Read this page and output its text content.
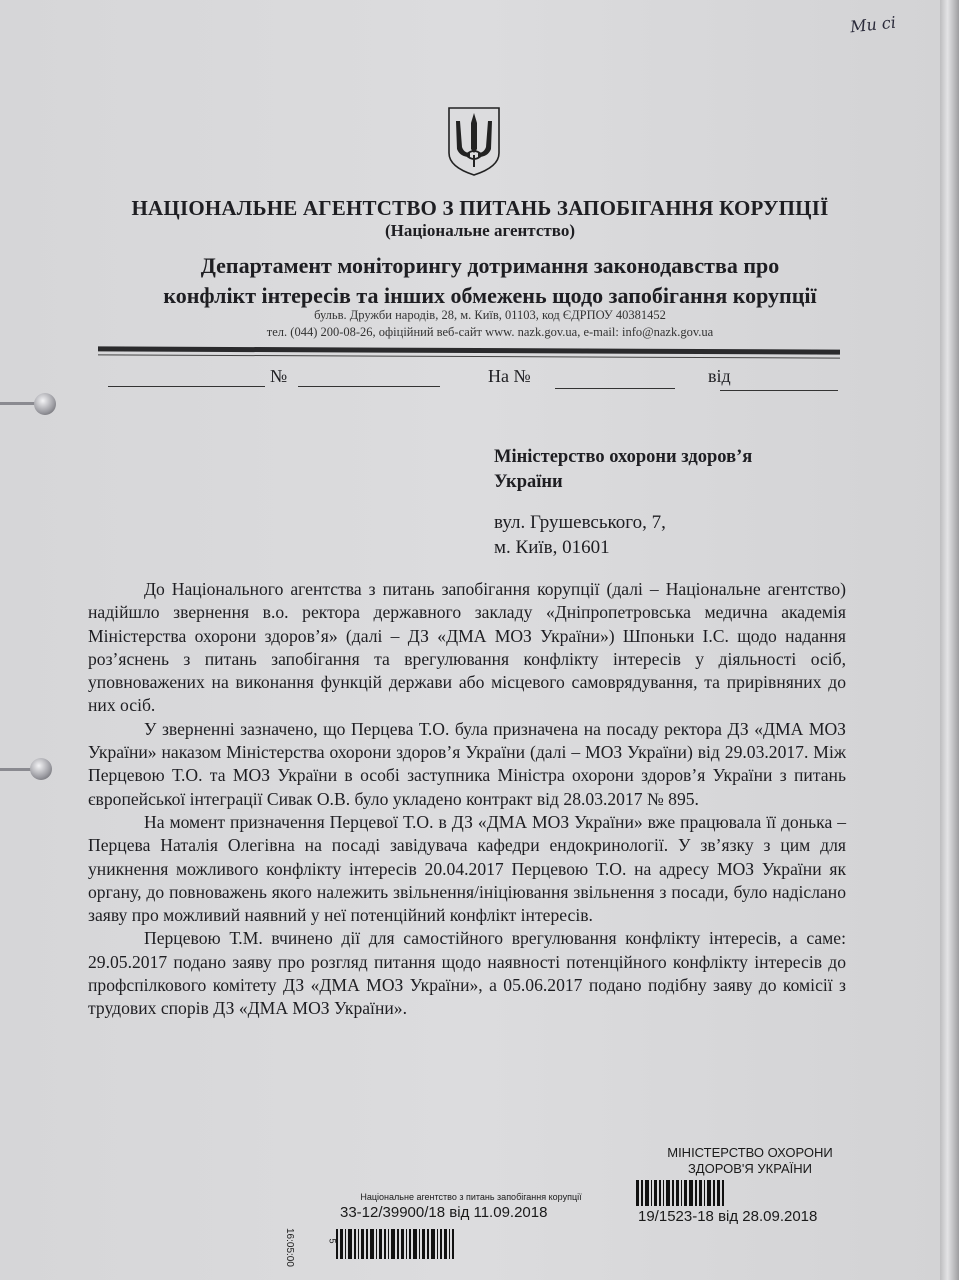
Ми сі
НАЦІОНАЛЬНЕ АГЕНТСТВО З ПИТАНЬ ЗАПОБІГАННЯ КОРУПЦІЇ
(Національне агентство)
Департамент моніторингу дотримання законодавства про
конфлікт інтересів та інших обмежень щодо запобігання корупції
бульв. Дружби народів, 28, м. Київ, 01103, код ЄДРПОУ 40381452
тел. (044) 200-08-26, офіційний веб-сайт www. nazk.gov.ua, e-mail: info@nazk.gov.ua
№	На №	від
Міністерство охорони здоров’я
України
вул. Грушевського, 7,
м. Київ, 01601

До Національного агентства з питань запобігання корупції (далі – Національне агентство) надійшло звернення в.о. ректора державного закладу «Дніпропетровська медична академія Міністерства охорони здоров’я» (далі – ДЗ «ДМА МОЗ України») Шпоньки І.С. щодо надання роз’яснень з питань запобігання та врегулювання конфлікту інтересів у діяльності осіб, уповноважених на виконання функцій держави або місцевого самоврядування, та прирівняних до них осіб.

У зверненні зазначено, що Перцева Т.О. була призначена на посаду ректора ДЗ «ДМА МОЗ України» наказом Міністерства охорони здоров’я України (далі – МОЗ України) від 29.03.2017. Між Перцевою Т.О. та МОЗ України в особі заступника Міністра охорони здоров’я України з питань європейської інтеграції Сивак О.В. було укладено контракт від 28.03.2017 № 895.

На момент призначення Перцевої Т.О. в ДЗ «ДМА МОЗ України» вже працювала її донька – Перцева Наталія Олегівна на посаді завідувача кафедри ендокринології. У зв’язку з цим для уникнення можливого конфлікту інтересів 20.04.2017 Перцевою Т.О. на адресу МОЗ України як органу, до повноважень якого належить звільнення/ініціювання звільнення з посади, було надіслано заяву про можливий наявний у неї потенційний конфлікт інтересів.

Перцевою Т.М. вчинено дії для самостійного врегулювання конфлікту інтересів, а саме: 29.05.2017 подано заяву про розгляд питання щодо наявності потенційного конфлікту інтересів до профспілкового комітету ДЗ «ДМА МОЗ України», а 05.06.2017 подано подібну заяву до комісії з трудових спорів ДЗ «ДМА МОЗ України».

МІНІСТЕРСТВО ОХОРОНИ
ЗДОРОВ'Я УКРАЇНИ
19/1523-18 від 28.09.2018
Національне агентство з питань запобігання корупції
33-12/39900/18 від 11.09.2018
5
16:05:00
